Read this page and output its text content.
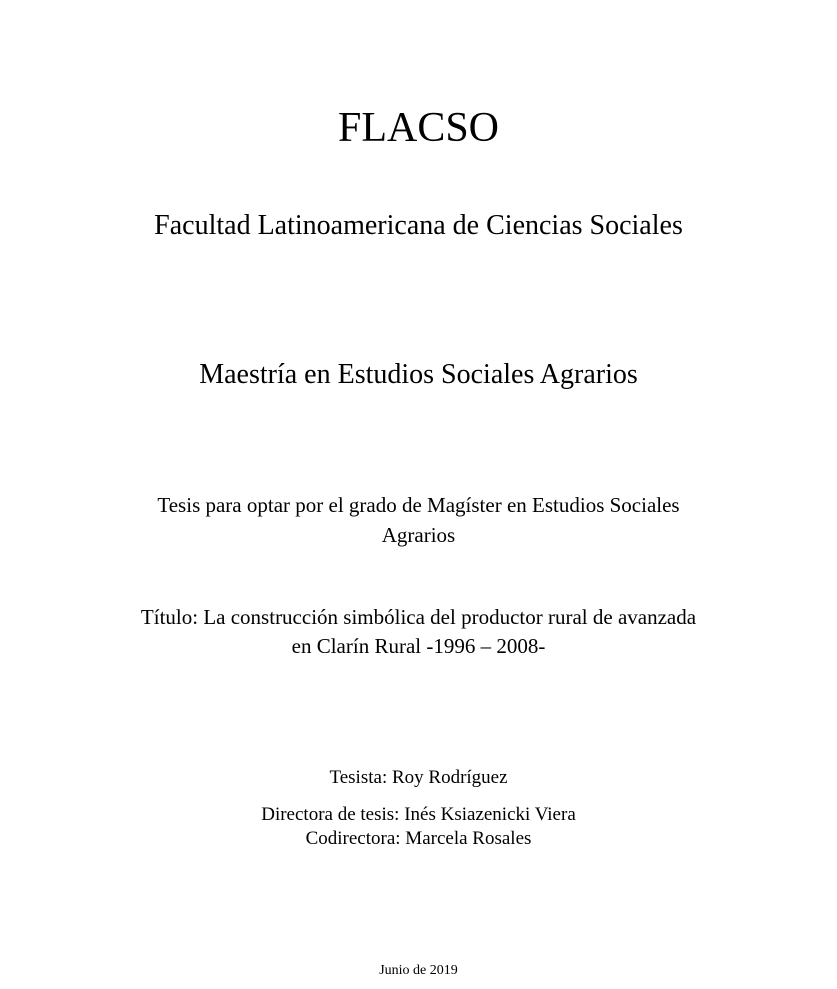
FLACSO
Facultad Latinoamericana de Ciencias Sociales
Maestría en Estudios Sociales Agrarios
Tesis para optar por el grado de Magíster en Estudios Sociales
Agrarios
Título: La construcción simbólica del productor rural de avanzada
en Clarín Rural -1996 – 2008-
Tesista: Roy Rodríguez
Directora de tesis: Inés Ksiazenicki Viera
Codirectora: Marcela Rosales
Junio de 2019
